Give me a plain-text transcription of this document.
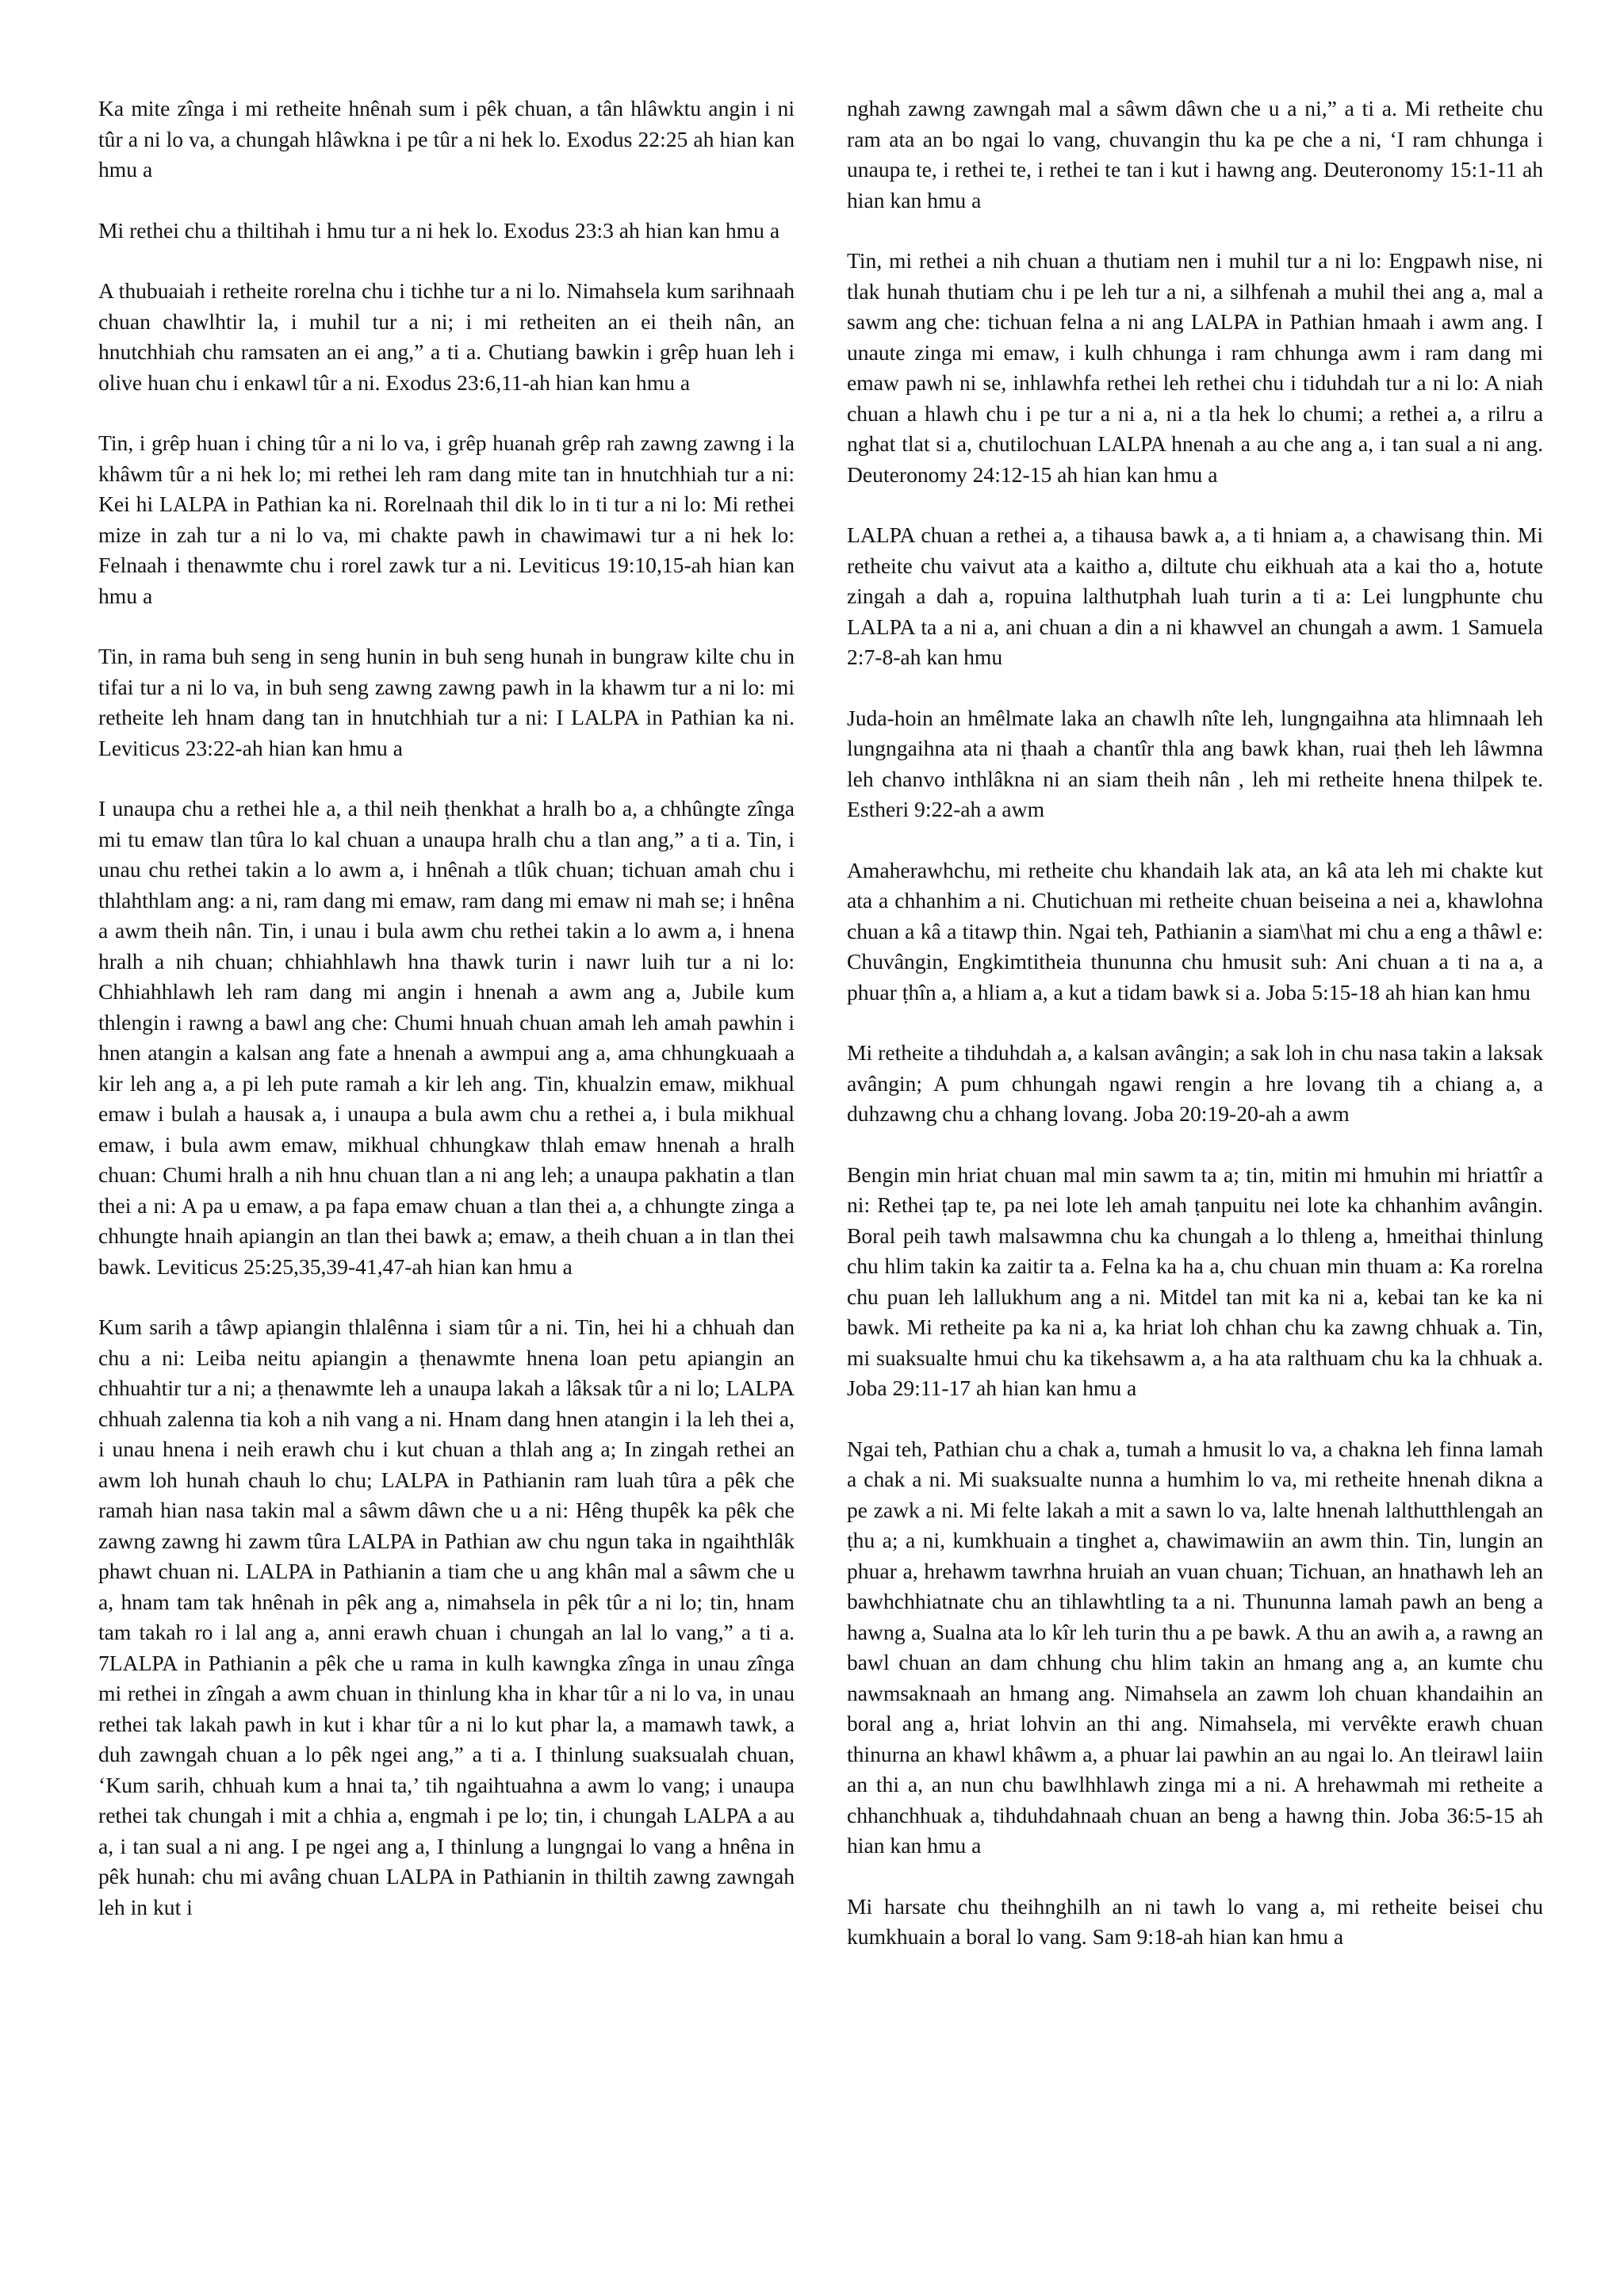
Ka mite zînga i mi retheite hnênah sum i pêk chuan, a tân hlâwktu angin i ni tûr a ni lo va, a chungah hlâwkna i pe tûr a ni hek lo. Exodus 22:25 ah hian kan hmu a

Mi rethei chu a thiltihah i hmu tur a ni hek lo. Exodus 23:3 ah hian kan hmu a

A thubuaiah i retheite rorelna chu i tichhe tur a ni lo. Nimahsela kum sarihnaah chuan chawlhtir la, i muhil tur a ni; i mi retheiten an ei theih nân, an hnutchhiah chu ramsaten an ei ang,” a ti a. Chutiang bawkin i grêp huan leh i olive huan chu i enkawl tûr a ni. Exodus 23:6,11-ah hian kan hmu a

Tin, i grêp huan i ching tûr a ni lo va, i grêp huanah grêp rah zawng zawng i la khâwm tûr a ni hek lo; mi rethei leh ram dang mite tan in hnutchhiah tur a ni: Kei hi LALPA in Pathian ka ni. Rorelnaah thil dik lo in ti tur a ni lo: Mi rethei mize in zah tur a ni lo va, mi chakte pawh in chawimawi tur a ni hek lo: Felnaah i thenawmte chu i rorel zawk tur a ni. Leviticus 19:10,15-ah hian kan hmu a

Tin, in rama buh seng in seng hunin in buh seng hunah in bungraw kilte chu in tifai tur a ni lo va, in buh seng zawng zawng pawh in la khawm tur a ni lo: mi retheite leh hnam dang tan in hnutchhiah tur a ni: I LALPA in Pathian ka ni. Leviticus 23:22-ah hian kan hmu a

I unaupa chu a rethei hle a, a thil neih ṭhenkhat a hralh bo a, a chhûngte zînga mi tu emaw tlan tûra lo kal chuan a unaupa hralh chu a tlan ang,” a ti a. Tin, i unau chu rethei takin a lo awm a, i hnênah a tlûk chuan; tichuan amah chu i thlahthlam ang: a ni, ram dang mi emaw, ram dang mi emaw ni mah se; i hnêna a awm theih nân. Tin, i unau i bula awm chu rethei takin a lo awm a, i hnena hralh a nih chuan; chhiahhlawh hna thawk turin i nawr luih tur a ni lo: Chhiahhlawh leh ram dang mi angin i hnenah a awm ang a, Jubile kum thlengin i rawng a bawl ang che: Chumi hnuah chuan amah leh amah pawhin i hnen atangin a kalsan ang fate a hnenah a awmpui ang a, ama chhungkuaah a kir leh ang a, a pi leh pute ramah a kir leh ang. Tin, khualzin emaw, mikhual emaw i bulah a hausak a, i unaupa a bula awm chu a rethei a, i bula mikhual emaw, i bula awm emaw, mikhual chhungkaw thlah emaw hnenah a hralh chuan: Chumi hralh a nih hnu chuan tlan a ni ang leh; a unaupa pakhatin a tlan thei a ni: A pa u emaw, a pa fapa emaw chuan a tlan thei a, a chhungte zinga a chhungte hnaih apiangin an tlan thei bawk a; emaw, a theih chuan a in tlan thei bawk. Leviticus 25:25,35,39-41,47-ah hian kan hmu a

Kum sarih a tâwp apiangin thlalênna i siam tûr a ni. Tin, hei hi a chhuah dan chu a ni: Leiba neitu apiangin a ṭhenawmte hnena loan petu apiangin an chhuahtir tur a ni; a ṭhenawmte leh a unaupa lakah a lâksak tûr a ni lo; LALPA chhuah zalenna tia koh a nih vang a ni. Hnam dang hnen atangin i la leh thei a, i unau hnena i neih erawh chu i kut chuan a thlah ang a; In zingah rethei an awm loh hunah chauh lo chu; LALPA in Pathianin ram luah tûra a pêk che ramah hian nasa takin mal a sâwm dâwn che u a ni: Hêng thupêk ka pêk che zawng zawng hi zawm tûra LALPA in Pathian aw chu ngun taka in ngaihthlâk phawt chuan ni. LALPA in Pathianin a tiam che u ang khân mal a sâwm che u a, hnam tam tak hnênah in pêk ang a, nimahsela in pêk tûr a ni lo; tin, hnam tam takah ro i lal ang a, anni erawh chuan i chungah an lal lo vang,” a ti a. 7LALPA in Pathianin a pêk che u rama in kulh kawngka zînga in unau zînga mi rethei in zîngah a awm chuan in thinlung kha in khar tûr a ni lo va, in unau rethei tak lakah pawh in kut i khar tûr a ni lo kut phar la, a mamawh tawk, a duh zawngah chuan a lo pêk ngei ang,” a ti a. I thinlung suaksualah chuan, ‘Kum sarih, chhuah kum a hnai ta,’ tih ngaihtuahna a awm lo vang; i unaupa rethei tak chungah i mit a chhia a, engmah i pe lo; tin, i chungah LALPA a au a, i tan sual a ni ang. I pe ngei ang a, I thinlung a lungngai lo vang a hnêna in pêk hunah: chu mi avâng chuan LALPA in Pathianin in thiltih zawng zawngah leh in kut i

nghah zawng zawngah mal a sâwm dâwn che u a ni,” a ti a. Mi retheite chu ram ata an bo ngai lo vang, chuvangin thu ka pe che a ni, ‘I ram chhunga i unaupa te, i rethei te, i rethei te tan i kut i hawng ang. Deuteronomy 15:1-11 ah hian kan hmu a

Tin, mi rethei a nih chuan a thutiam nen i muhil tur a ni lo: Engpawh nise, ni tlak hunah thutiam chu i pe leh tur a ni, a silhfenah a muhil thei ang a, mal a sawm ang che: tichuan felna a ni ang LALPA in Pathian hmaah i awm ang. I unaute zinga mi emaw, i kulh chhunga i ram chhunga awm i ram dang mi emaw pawh ni se, inhlawhfa rethei leh rethei chu i tiduhdah tur a ni lo: A niah chuan a hlawh chu i pe tur a ni a, ni a tla hek lo chumi; a rethei a, a rilru a nghat tlat si a, chutilochuan LALPA hnenah a au che ang a, i tan sual a ni ang. Deuteronomy 24:12-15 ah hian kan hmu a

LALPA chuan a rethei a, a tihausa bawk a, a ti hniam a, a chawisang thin. Mi retheite chu vaivut ata a kaitho a, diltute chu eikhuah ata a kai tho a, hotute zingah a dah a, ropuina lalthutphah luah turin a ti a: Lei lungphunte chu LALPA ta a ni a, ani chuan a din a ni khawvel an chungah a awm. 1 Samuela 2:7-8-ah kan hmu

Juda-hoin an hmêlmate laka an chawlh nîte leh, lungngaihna ata hlimnaah leh lungngaihna ata ni ṭhaah a chantîr thla ang bawk khan, ruai ṭheh leh lâwmna leh chanvo inthlâkna ni an siam theih nân , leh mi retheite hnena thilpek te. Estheri 9:22-ah a awm

Amaherawhchu, mi retheite chu khandaih lak ata, an kâ ata leh mi chakte kut ata a chhanhim a ni. Chutichuan mi retheite chuan beiseina a nei a, khawlohna chuan a kâ a titawp thin. Ngai teh, Pathianin a siam\hat mi chu a eng a thâwl e: Chuvângin, Engkimtitheia thununna chu hmusit suh: Ani chuan a ti na a, a phuar ṭhîn a, a hliam a, a kut a tidam bawk si a. Joba 5:15-18 ah hian kan hmu

Mi retheite a tihduhdah a, a kalsan avângin; a sak loh in chu nasa takin a laksak avângin; A pum chhungah ngawi rengin a hre lovang tih a chiang a, a duhzawng chu a chhang lovang. Joba 20:19-20-ah a awm

Bengin min hriat chuan mal min sawm ta a; tin, mitin mi hmuhin mi hriattîr a ni: Rethei ṭap te, pa nei lote leh amah ṭanpuitu nei lote ka chhanhim avângin. Boral peih tawh malsawmna chu ka chungah a lo thleng a, hmeithai thinlung chu hlim takin ka zaitir ta a. Felna ka ha a, chu chuan min thuam a: Ka rorelna chu puan leh lallukhum ang a ni. Mitdel tan mit ka ni a, kebai tan ke ka ni bawk. Mi retheite pa ka ni a, ka hriat loh chhan chu ka zawng chhuak a. Tin, mi suaksualte hmui chu ka tikehsawm a, a ha ata ralthuam chu ka la chhuak a. Joba 29:11-17 ah hian kan hmu a

Ngai teh, Pathian chu a chak a, tumah a hmusit lo va, a chakna leh finna lamah a chak a ni. Mi suaksualte nunna a humhim lo va, mi retheite hnenah dikna a pe zawk a ni. Mi felte lakah a mit a sawn lo va, lalte hnenah lalthutthlengah an ṭhu a; a ni, kumkhuain a tinghet a, chawimawiin an awm thin. Tin, lungin an phuar a, hrehawm tawrhna hruiah an vuan chuan; Tichuan, an hnathawh leh an bawhchhiatnate chu an tihlawhtling ta a ni. Thununna lamah pawh an beng a hawng a, Sualna ata lo kîr leh turin thu a pe bawk. A thu an awih a, a rawng an bawl chuan an dam chhung chu hlim takin an hmang ang a, an kumte chu nawmsaknaah an hmang ang. Nimahsela an zawm loh chuan khandaihin an boral ang a, hriat lohvin an thi ang. Nimahsela, mi vervêkte erawh chuan thinurna an khawl khâwm a, a phuar lai pawhin an au ngai lo. An tleirawl laiin an thi a, an nun chu bawlhhlawh zinga mi a ni. A hrehawmah mi retheite a chhanchhuak a, tihduhdahnaah chuan an beng a hawng thin. Joba 36:5-15 ah hian kan hmu a

Mi harsate chu theihnghilh an ni tawh lo vang a, mi retheite beisei chu kumkhuain a boral lo vang. Sam 9:18-ah hian kan hmu a
